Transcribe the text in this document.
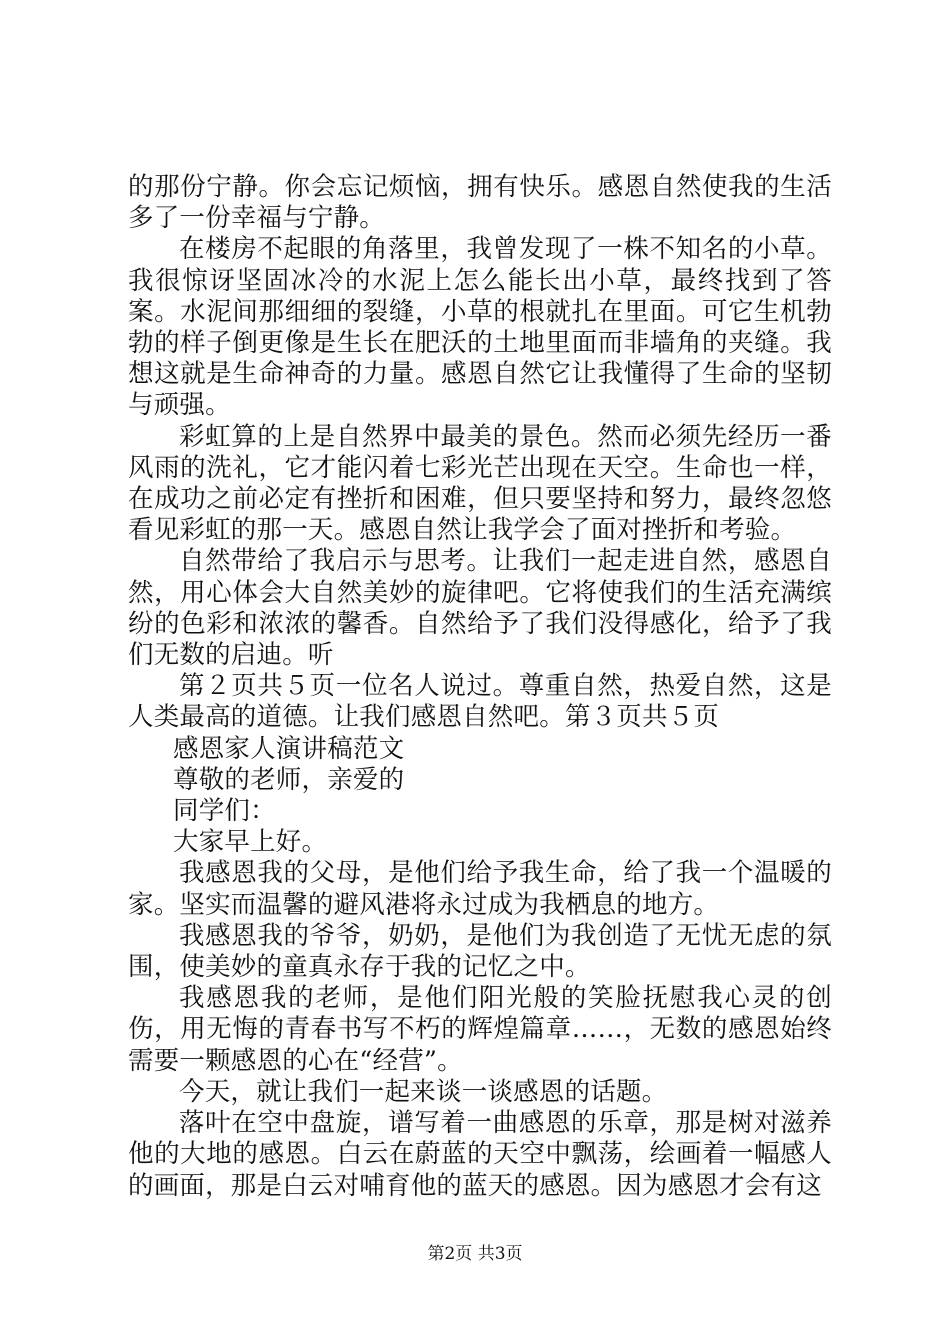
的那份宁静。你会忘记烦恼，拥有快乐。感恩自然使我的生活多了一份幸福与宁静。

在楼房不起眼的角落里，我曾发现了一株不知名的小草。我很惊讶坚固冰冷的水泥上怎么能长出小草，最终找到了答案。水泥间那细细的裂缝，小草的根就扎在里面。可它生机勃勃的样子倒更像是生长在肥沃的土地里面而非墙角的夹缝。我想这就是生命神奇的力量。感恩自然它让我懂得了生命的坚韧与顽强。

彩虹算的上是自然界中最美的景色。然而必须先经历一番风雨的洗礼，它才能闪着七彩光芒出现在天空。生命也一样，在成功之前必定有挫折和困难，但只要坚持和努力，最终忽悠看见彩虹的那一天。感恩自然让我学会了面对挫折和考验。

自然带给了我启示与思考。让我们一起走进自然，感恩自然，用心体会大自然美妙的旋律吧。它将使我们的生活充满缤纷的色彩和浓浓的馨香。自然给予了我们没得感化，给予了我们无数的启迪。听

第２页共５页一位名人说过。尊重自然，热爱自然，这是人类最高的道德。让我们感恩自然吧。第３页共５页

感恩家人演讲稿范文

尊敬的老师，亲爱的

同学们：

大家早上好。

我感恩我的父母，是他们给予我生命，给了我一个温暖的家。坚实而温馨的避风港将永过成为我栖息的地方。

我感恩我的爷爷，奶奶，是他们为我创造了无忧无虑的氛围，使美妙的童真永存于我的记忆之中。

我感恩我的老师，是他们阳光般的笑脸抚慰我心灵的创伤，用无悔的青春书写不朽的辉煌篇章……，无数的感恩始终需要一颗感恩的心在“经营”。

今天，就让我们一起来谈一谈感恩的话题。

落叶在空中盘旋，谱写着一曲感恩的乐章，那是树对滋养他的大地的感恩。白云在蔚蓝的天空中飘荡，绘画着一幅感人的画面，那是白云对哺育他的蓝天的感恩。因为感恩才会有这

第2页 共3页
